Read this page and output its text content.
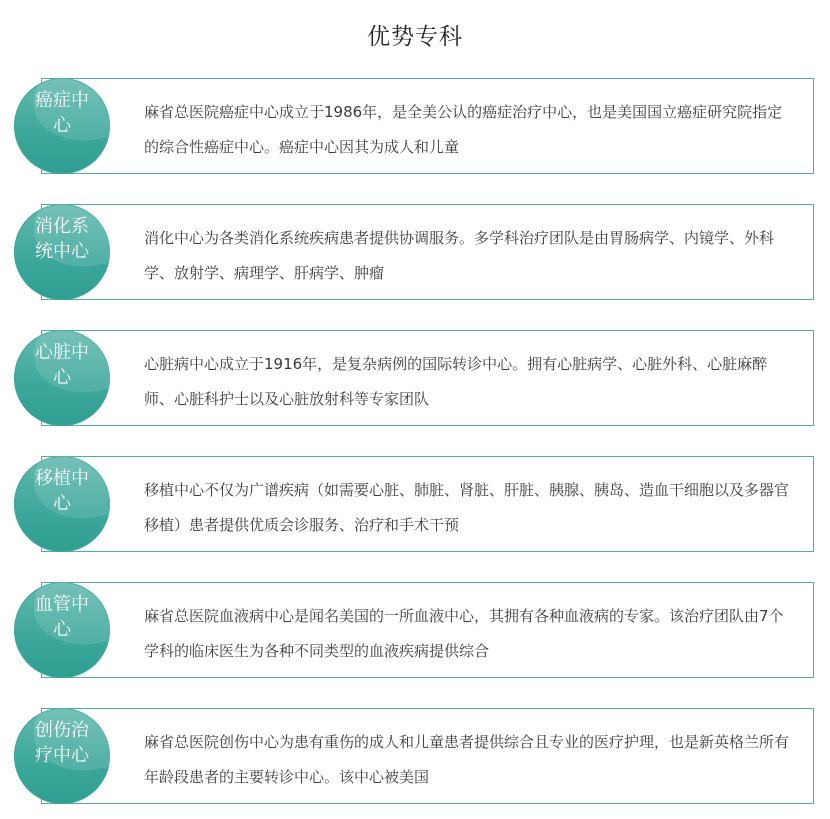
优势专科

麻省总医院癌症中心成立于1986年，是全美公认的癌症治疗中心，也是美国国立癌症研究院指定的综合性癌症中心。癌症中心因其为成人和儿童

癌症中心

消化中心为各类消化系统疾病患者提供协调服务。多学科治疗团队是由胃肠病学、内镜学、外科学、放射学、病理学、肝病学、肿瘤

消化系统中心

心脏病中心成立于1916年，是复杂病例的国际转诊中心。拥有心脏病学、心脏外科、心脏麻醉师、心脏科护士以及心脏放射科等专家团队

心脏中心

移植中心不仅为广谱疾病（如需要心脏、肺脏、肾脏、肝脏、胰腺、胰岛、造血干细胞以及多器官移植）患者提供优质会诊服务、治疗和手术干预

移植中心

麻省总医院血液病中心是闻名美国的一所血液中心，其拥有各种血液病的专家。该治疗团队由7个学科的临床医生为各种不同类型的血液疾病提供综合

血管中心

麻省总医院创伤中心为患有重伤的成人和儿童患者提供综合且专业的医疗护理，也是新英格兰所有年龄段患者的主要转诊中心。该中心被美国

创伤治疗中心
